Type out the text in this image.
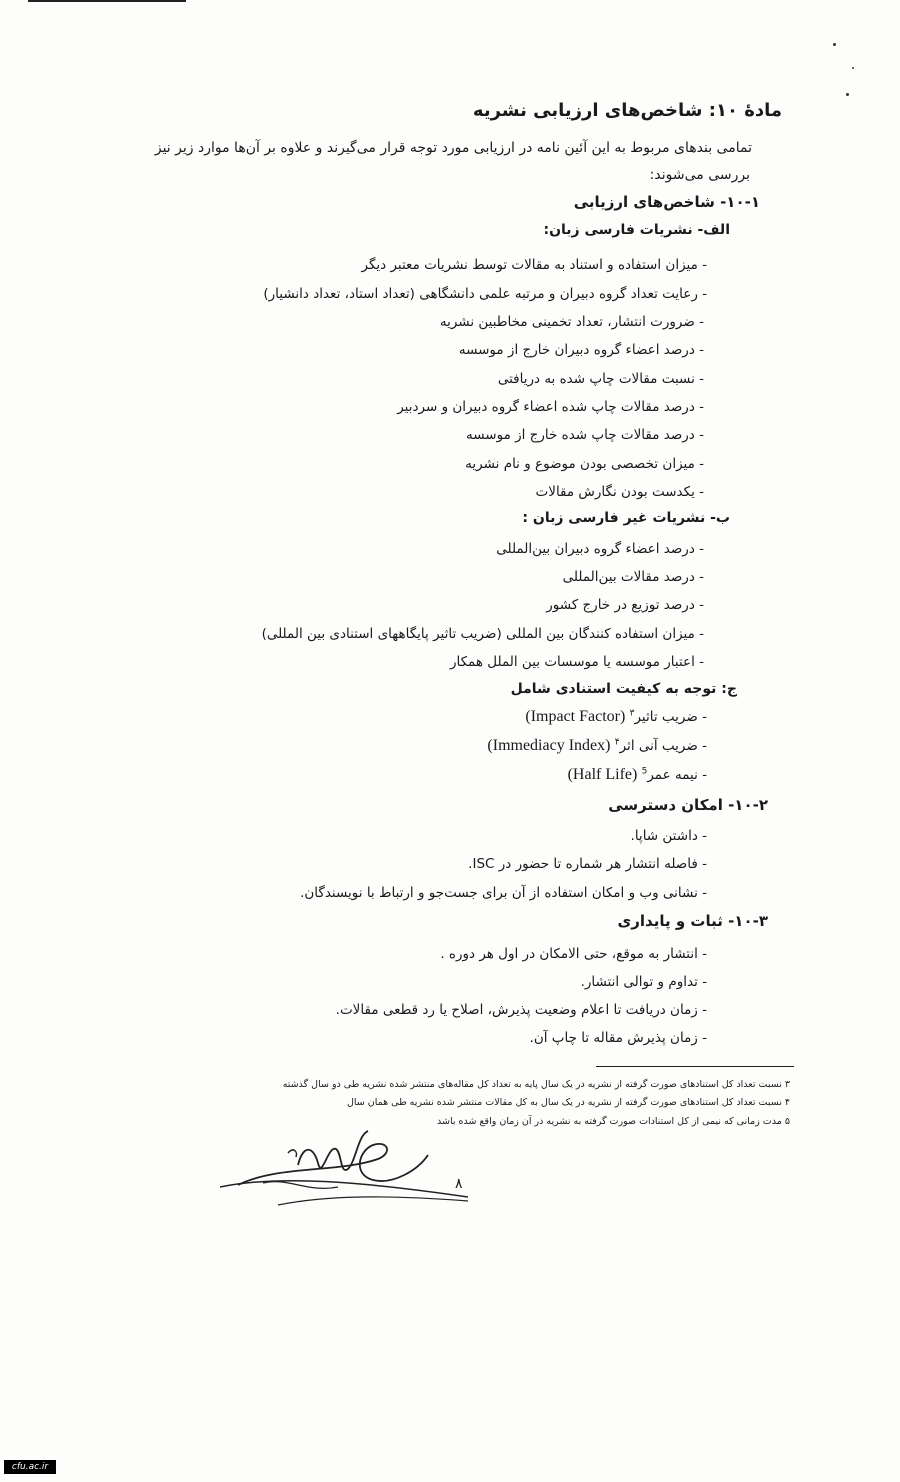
مادهٔ ۱۰: شاخص‌های ارزیابی نشریه
تمامی بندهای مربوط به این آئین نامه در ارزیابی مورد توجه قرار می‌گیرند و علاوه بر آن‌ها موارد زیر نیز
بررسی می‌شوند:
۱۰-۱- شاخص‌های ارزیابی
الف- نشریات فارسی زبان:
- میزان استفاده و استناد به مقالات توسط نشریات معتبر دیگر
- رعایت تعداد گروه دبیران و مرتبه علمی دانشگاهی (تعداد استاد، تعداد دانشیار)
- ضرورت انتشار، تعداد تخمینی مخاطبین نشریه
- درصد اعضاء گروه دبیران خارج از موسسه
- نسبت مقالات چاپ شده به دریافتی
- درصد مقالات چاپ شده اعضاء گروه دبیران و سردبیر
- درصد مقالات چاپ شده خارج از موسسه
- میزان تخصصی بودن موضوع و نام نشریه
- یکدست بودن نگارش مقالات
ب- نشریات غیر فارسی زبان :
- درصد اعضاء گروه دبیران بین‌المللی
- درصد مقالات بین‌المللی
- درصد توزیع در خارج کشور
- میزان استفاده کنندگان بین المللی (ضریب تاثیر پایگاههای استنادی بین المللی)
- اعتبار موسسه یا موسسات بین الملل همکار
ج: توجه به کیفیت استنادی شامل
- ضریب تاثیر$^۳$ (Impact Factor)
- ضریب آنی اثر$^۴$ (Immediacy Index)
- نیمه عمر$^5$ (Half Life)
۱۰-۲- امکان دسترسی
- داشتن شاپا.
- فاصله انتشار هر شماره تا حضور در ISC.
- نشانی وب و امکان استفاده از آن برای جست‌جو و ارتباط با نویسندگان.
۱۰-۳- ثبات و پایداری
- انتشار به موقع، حتی الامکان در اول هر دوره .
- تداوم و توالی انتشار.
- زمان دریافت تا اعلام وضعیت پذیرش، اصلاح یا رد قطعی مقالات.
- زمان پذیرش مقاله تا چاپ آن.
۳ نسبت تعداد کل استنادهای صورت گرفته از نشریه در یک سال پایه به تعداد کل مقاله‌های منتشر شده نشریه طی دو سال گذشته
۴ نسبت تعداد کل استنادهای صورت گرفته از نشریه در یک سال به کل مقالات منتشر شده نشریه طی همان سال
۵ مدت زمانی که نیمی از کل استنادات صورت گرفته به نشریه در آن زمان واقع شده باشد
۸
cfu.ac.ir
